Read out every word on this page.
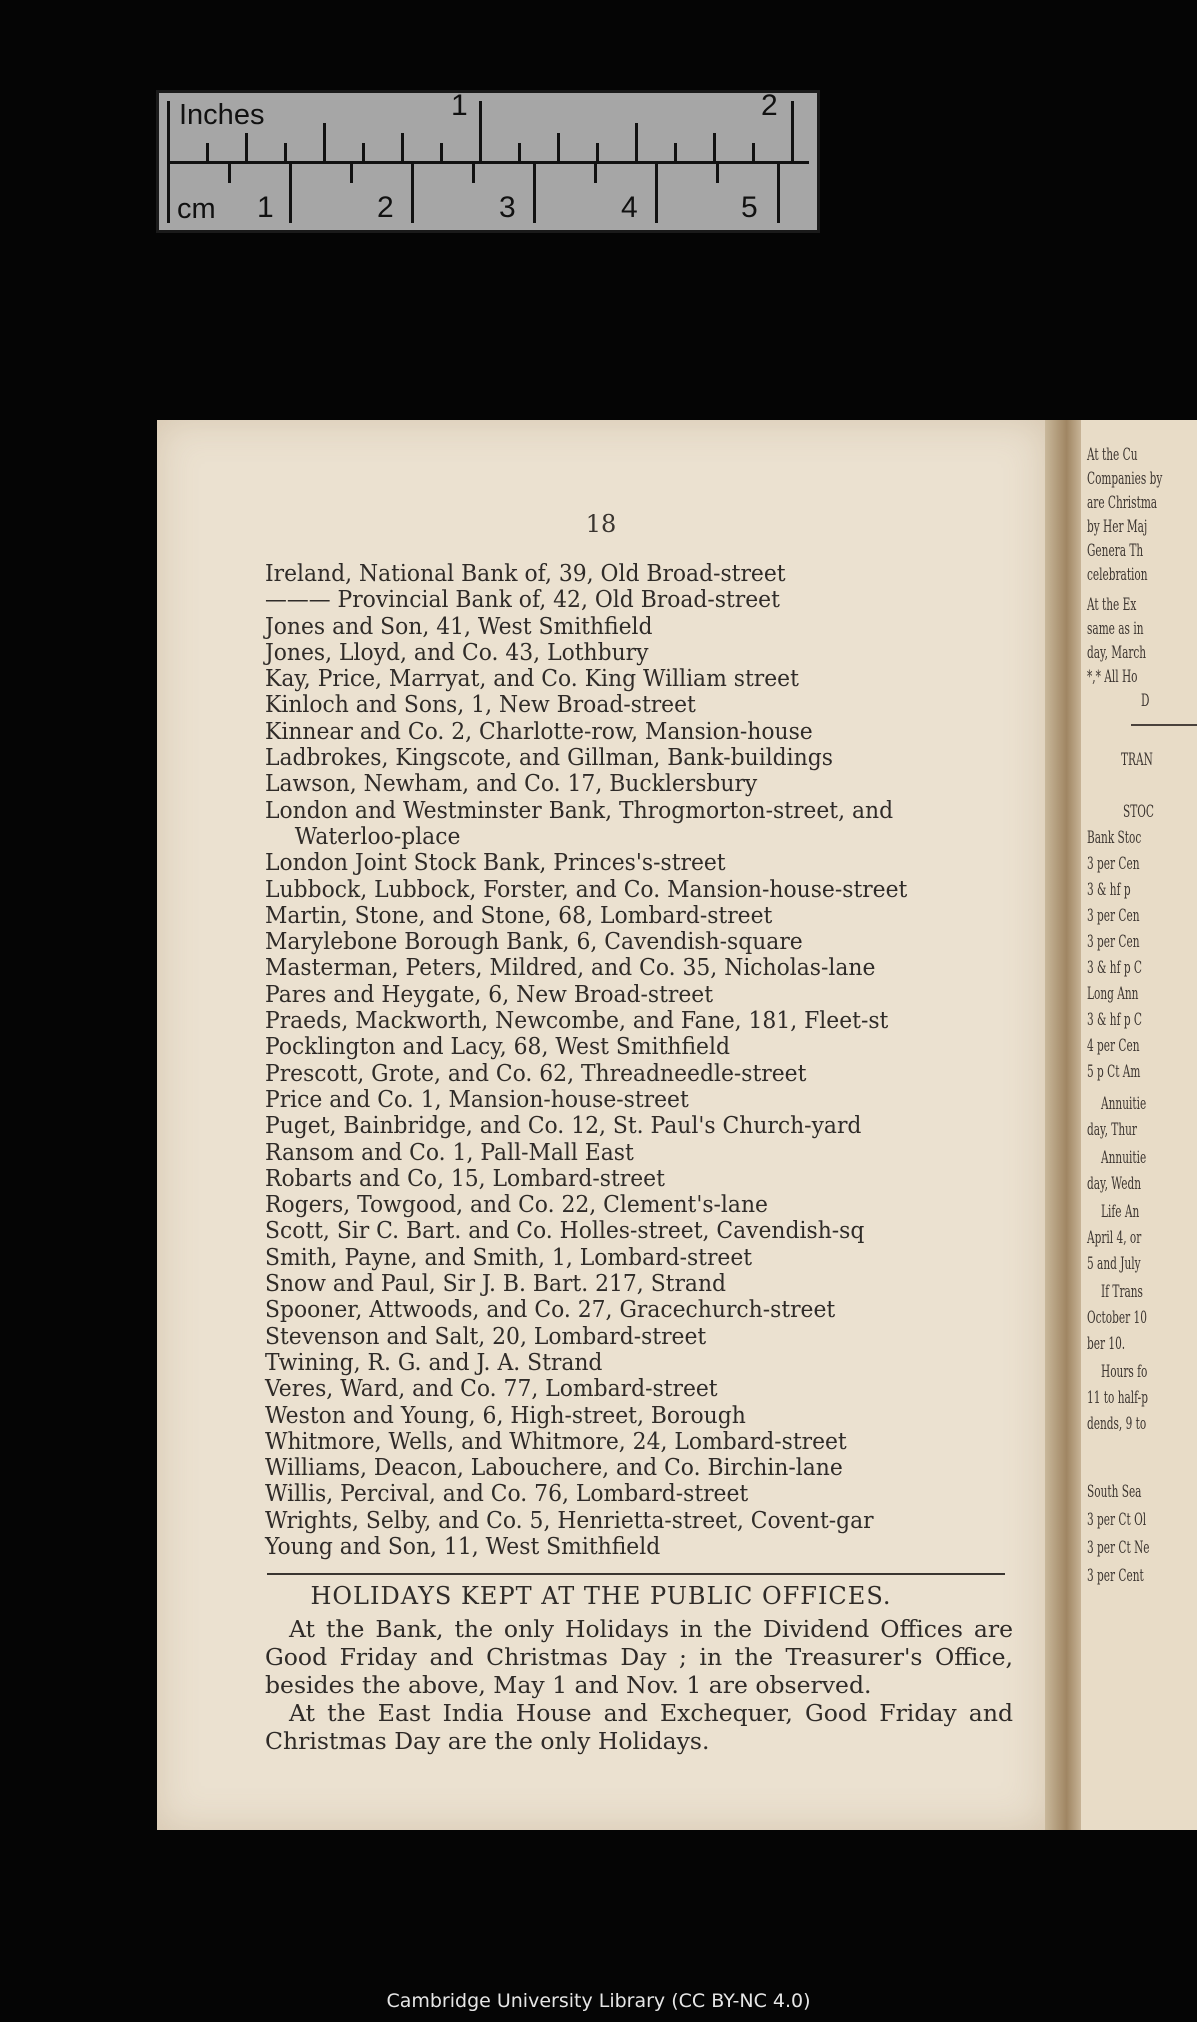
Inches
cm
1	2
1	2	3	4	5
18
Ireland, National Bank of, 39, Old Broad-street
——— Provincial Bank of, 42, Old Broad-street
Jones and Son, 41, West Smithfield
Jones, Lloyd, and Co. 43, Lothbury
Kay, Price, Marryat, and Co. King William street
Kinloch and Sons, 1, New Broad-street
Kinnear and Co. 2, Charlotte-row, Mansion-house
Ladbrokes, Kingscote, and Gillman, Bank-buildings
Lawson, Newham, and Co. 17, Bucklersbury
London and Westminster Bank, Throgmorton-street, and
Waterloo-place
London Joint Stock Bank, Princes's-street
Lubbock, Lubbock, Forster, and Co. Mansion-house-street
Martin, Stone, and Stone, 68, Lombard-street
Marylebone Borough Bank, 6, Cavendish-square
Masterman, Peters, Mildred, and Co. 35, Nicholas-lane
Pares and Heygate, 6, New Broad-street
Praeds, Mackworth, Newcombe, and Fane, 181, Fleet-st
Pocklington and Lacy, 68, West Smithfield
Prescott, Grote, and Co. 62, Threadneedle-street
Price and Co. 1, Mansion-house-street
Puget, Bainbridge, and Co. 12, St. Paul's Church-yard
Ransom and Co. 1, Pall-Mall East
Robarts and Co, 15, Lombard-street
Rogers, Towgood, and Co. 22, Clement's-lane
Scott, Sir C. Bart. and Co. Holles-street, Cavendish-sq
Smith, Payne, and Smith, 1, Lombard-street
Snow and Paul, Sir J. B. Bart. 217, Strand
Spooner, Attwoods, and Co. 27, Gracechurch-street
Stevenson and Salt, 20, Lombard-street
Twining, R. G. and J. A. Strand
Veres, Ward, and Co. 77, Lombard-street
Weston and Young, 6, High-street, Borough
Whitmore, Wells, and Whitmore, 24, Lombard-street
Williams, Deacon, Labouchere, and Co. Birchin-lane
Willis, Percival, and Co. 76, Lombard-street
Wrights, Selby, and Co. 5, Henrietta-street, Covent-gar
Young and Son, 11, West Smithfield
HOLIDAYS KEPT AT THE PUBLIC OFFICES.

At the Bank, the only Holidays in the Dividend Offices are Good Friday and Christmas Day ; in the Treasurer's Office, besides the above, May 1 and Nov. 1 are observed.

At the East India House and Exchequer, Good Friday and Christmas Day are the only Holidays.

At the Cu
Companies by
are Christma
by Her Maj
Genera Th
celebration
At the Ex
same as in
day, March
*,* All Ho
D
TRAN
STOC
Bank Stoc
3 per Cen
3 & hf p
3 per Cen
3 per Cen
3 & hf p C
Long Ann
3 & hf p C
4 per Cen
5 p Ct Am
Annuitie
day, Thur
Annuitie
day, Wedn
Life An
April 4, or
5 and July
If Trans
October 10
ber 10.
Hours fo
11 to half-p
dends, 9 to
South Sea
3 per Ct Ol
3 per Ct Ne
3 per Cent
Cambridge University Library (CC BY-NC 4.0)
